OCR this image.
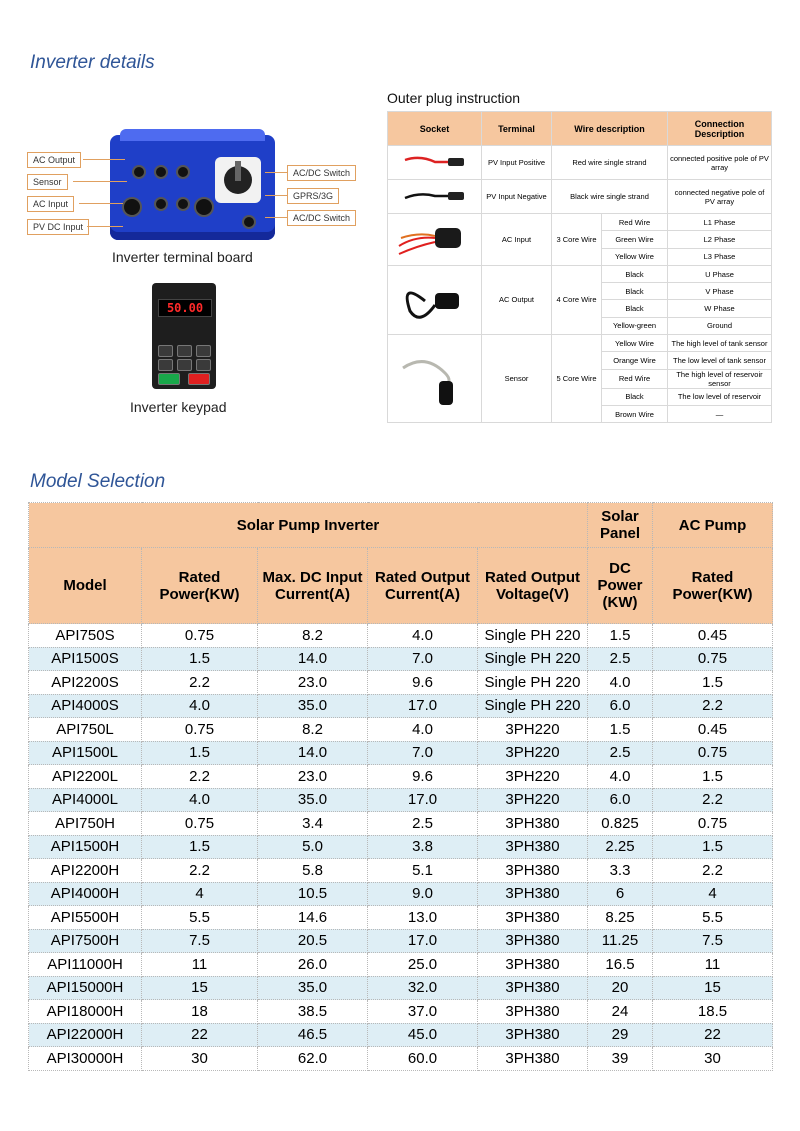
Inverter details
Outer plug instruction
Model Selection
AC Output
Sensor
AC Input
PV DC Input
AC/DC Switch
GPRS/3G
AC/DC Switch
Inverter terminal board
50.00
Inverter keypad
Socket	Terminal	Wire description		Connection Description
	PV Input Positive	Red wire single strand		connected positive pole of PV array
	PV Input Negative	Black wire single strand		connected negative pole of PV array
	AC Input	3 Core Wire	Red Wire	L1 Phase
			Green Wire	L2 Phase
			Yellow Wire	L3 Phase
	AC Output	4 Core Wire	Black	U Phase
			Black	V Phase
			Black	W Phase
			Yellow-green	Ground
	Sensor	5 Core Wire	Yellow Wire	The high level of tank sensor
			Orange Wire	The low level of tank sensor
			Red Wire	The high level of reservoir sensor
			Black	The low level of reservoir
			Brown Wire	—
Solar Pump Inverter					Solar Panel	AC Pump
Model	Rated Power(KW)	Max. DC Input Current(A)	Rated Output Current(A)	Rated Output Voltage(V)	DC Power (KW)	Rated Power(KW)
API750S	0.75	8.2	4.0	Single PH 220	1.5	0.45
API1500S	1.5	14.0	7.0	Single PH 220	2.5	0.75
API2200S	2.2	23.0	9.6	Single PH 220	4.0	1.5
API4000S	4.0	35.0	17.0	Single PH 220	6.0	2.2
API750L	0.75	8.2	4.0	3PH220	1.5	0.45
API1500L	1.5	14.0	7.0	3PH220	2.5	0.75
API2200L	2.2	23.0	9.6	3PH220	4.0	1.5
API4000L	4.0	35.0	17.0	3PH220	6.0	2.2
API750H	0.75	3.4	2.5	3PH380	0.825	0.75
API1500H	1.5	5.0	3.8	3PH380	2.25	1.5
API2200H	2.2	5.8	5.1	3PH380	3.3	2.2
API4000H	4	10.5	9.0	3PH380	6	4
API5500H	5.5	14.6	13.0	3PH380	8.25	5.5
API7500H	7.5	20.5	17.0	3PH380	11.25	7.5
API11000H	11	26.0	25.0	3PH380	16.5	11
API15000H	15	35.0	32.0	3PH380	20	15
API18000H	18	38.5	37.0	3PH380	24	18.5
API22000H	22	46.5	45.0	3PH380	29	22
API30000H	30	62.0	60.0	3PH380	39	30
